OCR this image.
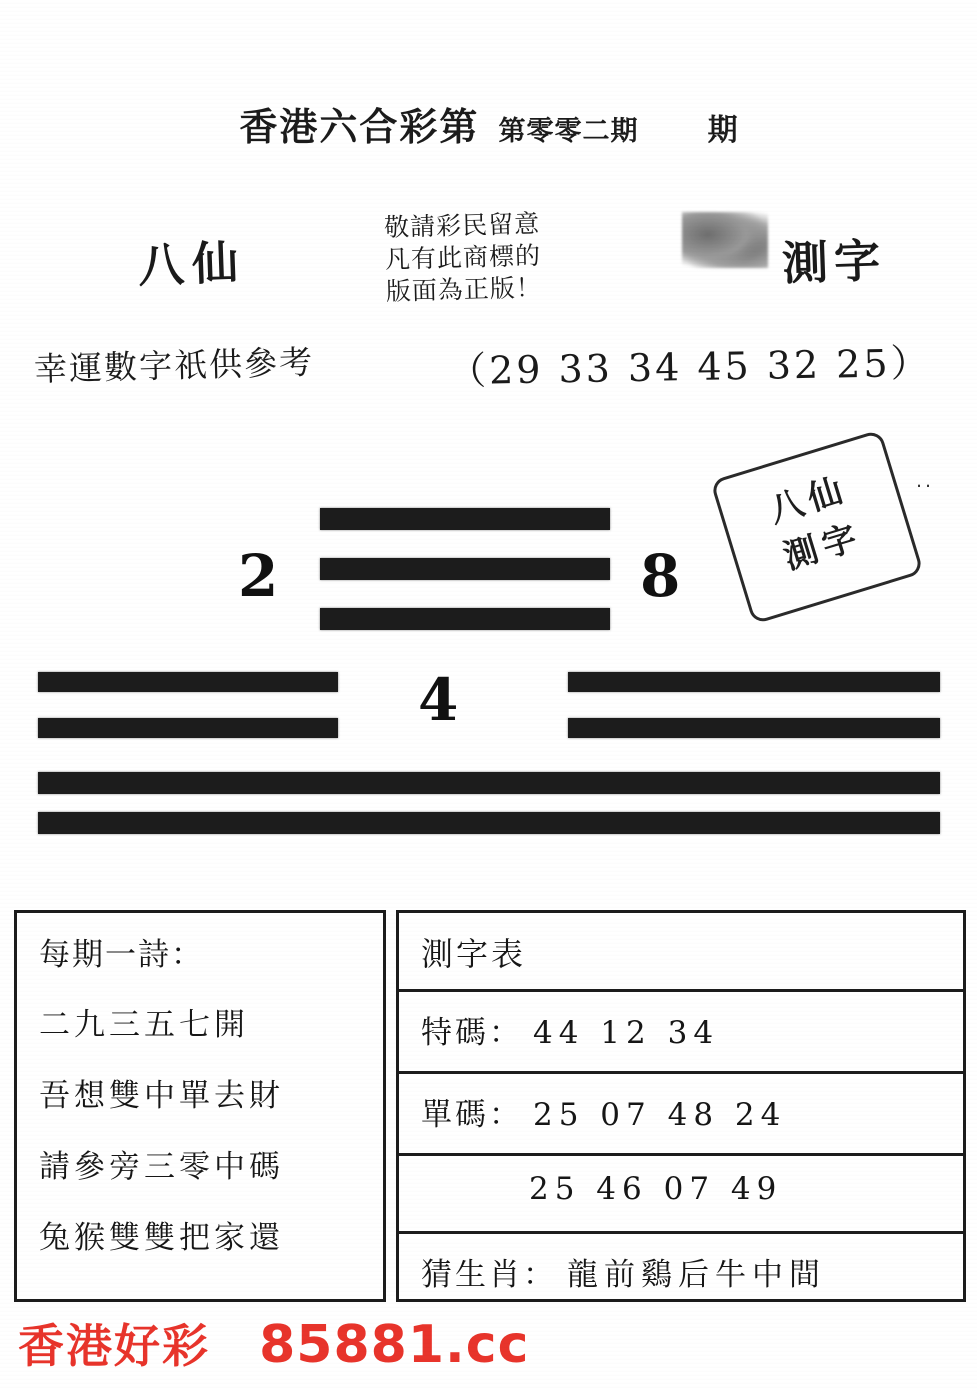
香港六合彩第 第零零二期 期
八仙
敬請彩民留意
凡有此商標的
版面為正版！	測字
幸運數字祇供參考	（29 33 34 45 32 25）
2	8
4
八仙
測字
..
每期一詩：
二九三五七開
吾想雙中單去財
請參旁三零中碼
兔猴雙雙把家還
測字表
特碼： 44 12 34
單碼： 25 07 48 24
25 46 07 49
猜生肖： 龍前鷄后牛中間
香港好彩 85881.cc
